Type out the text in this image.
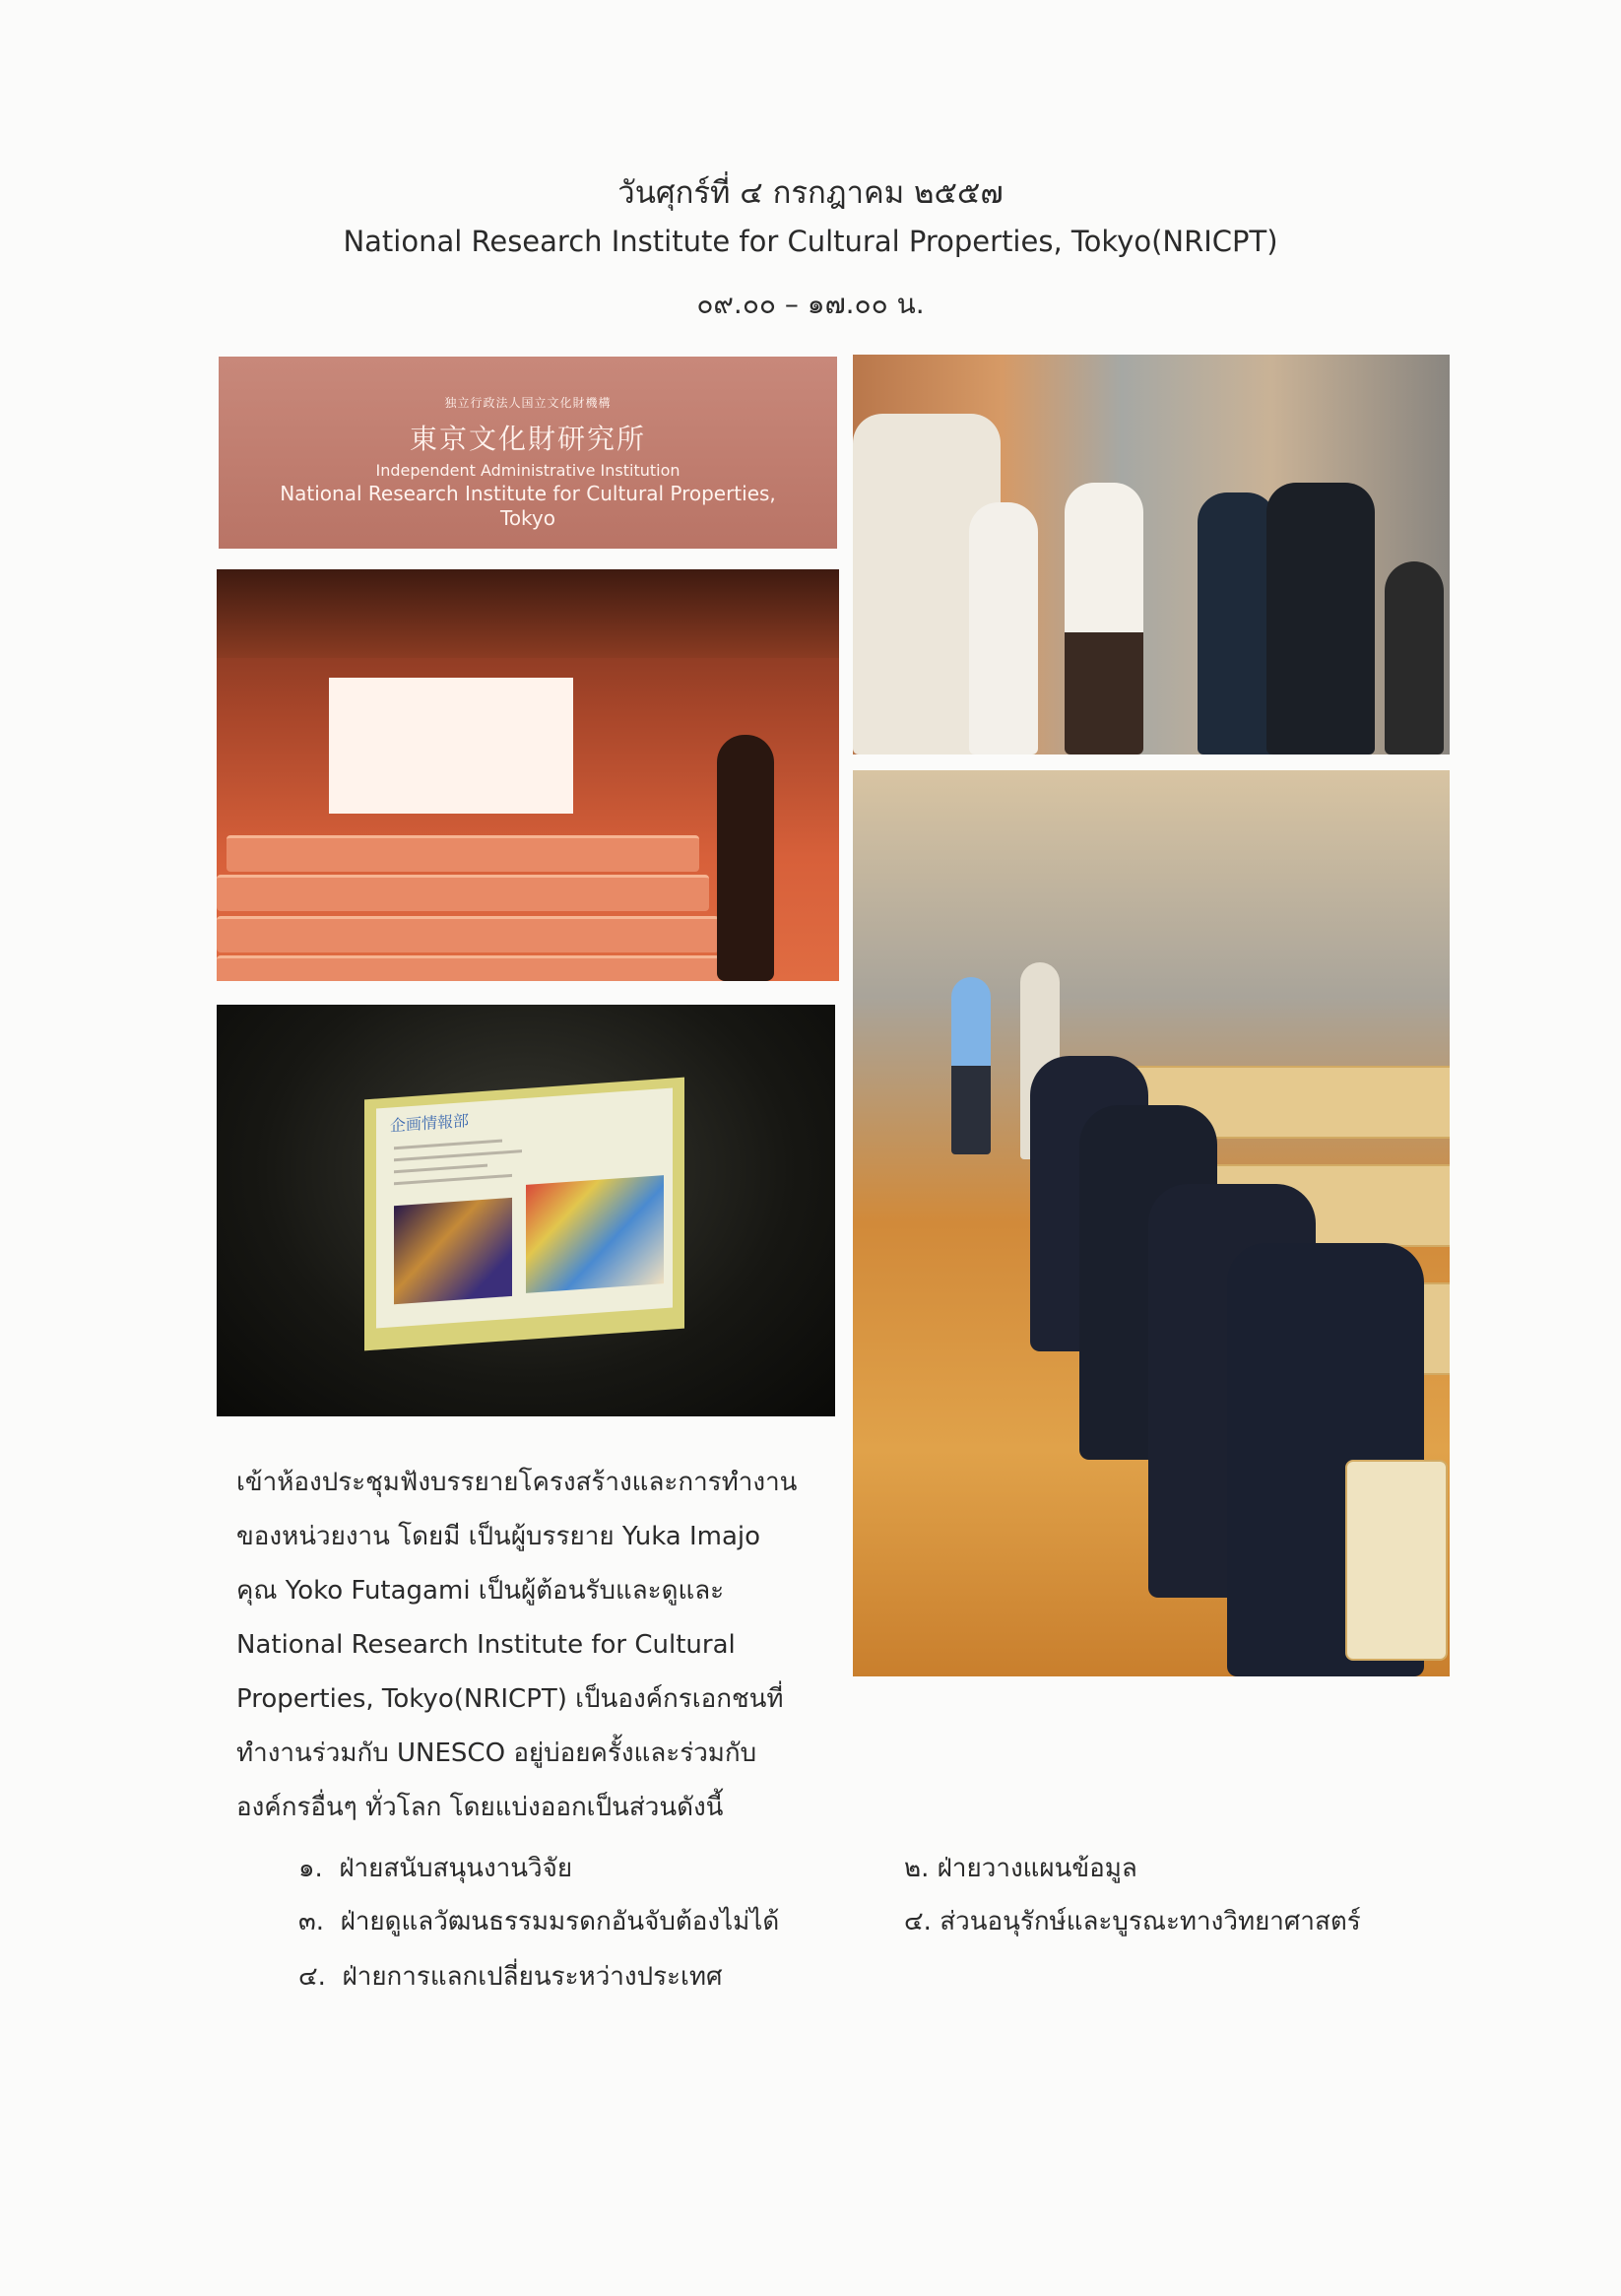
วันศุกร์ที่ ๔ กรกฎาคม ๒๕๕๗
National Research Institute for Cultural Properties, Tokyo(NRICPT)
๐๙.๐๐ – ๑๗.๐๐ น.
独立行政法人国立文化財機構
東京文化財研究所
Independent Administrative Institution
National Research Institute for Cultural Properties,
Tokyo
企画情報部

เข้าห้องประชุมฟังบรรยายโครงสร้างและการทำงาน

ของหน่วยงาน โดยมี เป็นผู้บรรยาย Yuka Imajo

คุณ Yoko Futagami เป็นผู้ต้อนรับและดูและ

National Research Institute for Cultural

Properties, Tokyo(NRICPT) เป็นองค์กรเอกชนที่

ทำงานร่วมกับ UNESCO อยู่บ่อยครั้งและร่วมกับ

องค์กรอื่นๆ ทั่วโลก โดยแบ่งออกเป็นส่วนดังนี้

๑. ฝ่ายสนับสนุนงานวิจัย	๒. ฝ่ายวางแผนข้อมูล
๓. ฝ่ายดูแลวัฒนธรรมมรดกอันจับต้องไม่ได้	๔. ส่วนอนุรักษ์และบูรณะทางวิทยาศาสตร์
๔. ฝ่ายการแลกเปลี่ยนระหว่างประเทศ
